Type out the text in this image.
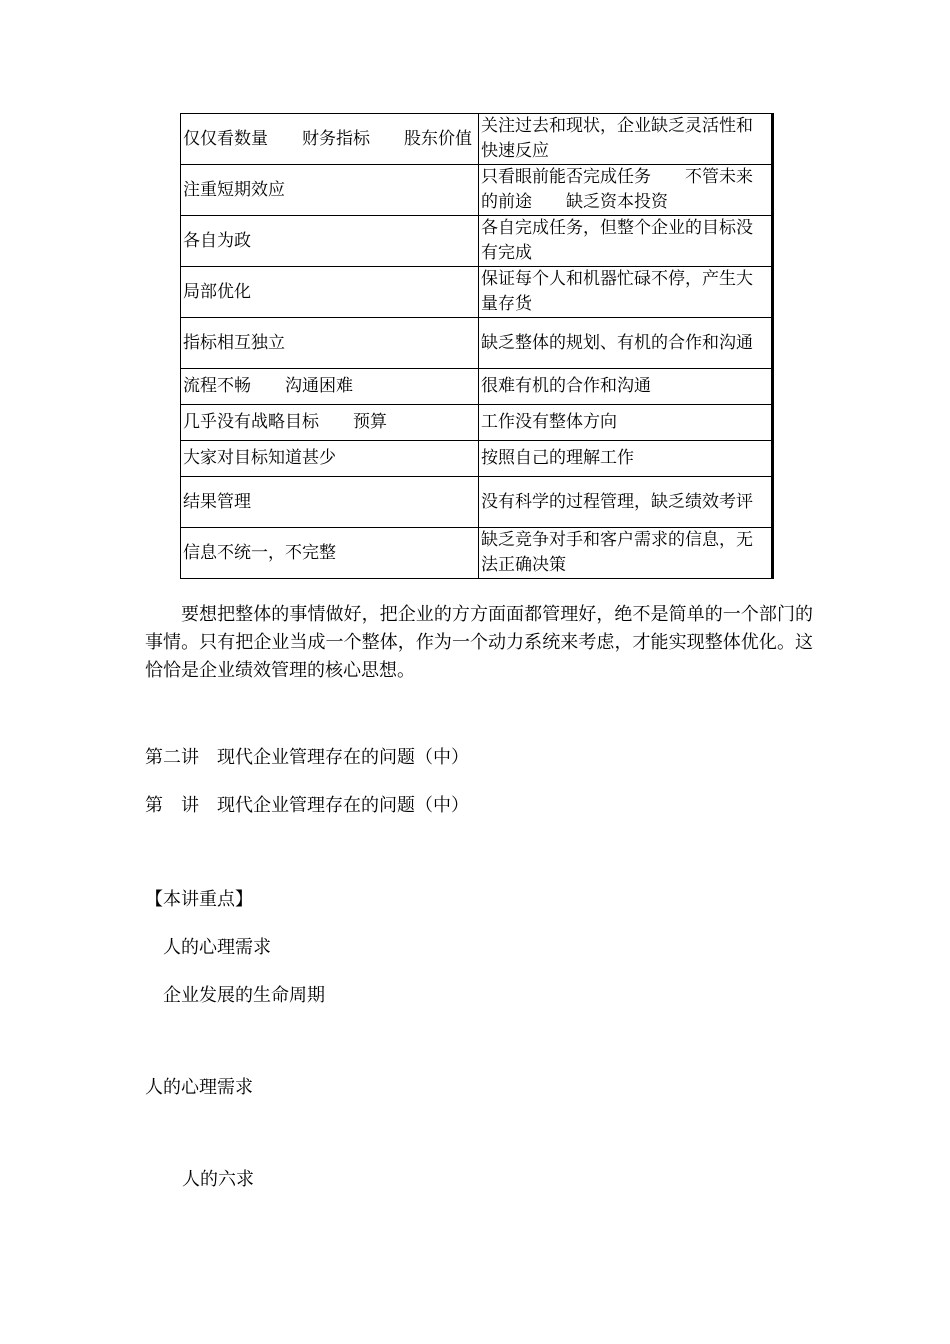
仅仅看数量　　财务指标　　股东价值	关注过去和现状，企业缺乏灵活性和快速反应
注重短期效应	只看眼前能否完成任务　　不管未来的前途　　缺乏资本投资
各自为政	各自完成任务，但整个企业的目标没有完成
局部优化	保证每个人和机器忙碌不停，产生大量存货
指标相互独立	缺乏整体的规划、有机的合作和沟通
流程不畅　　沟通困难	很难有机的合作和沟通
几乎没有战略目标　　预算	工作没有整体方向
大家对目标知道甚少	按照自己的理解工作
结果管理	没有科学的过程管理，缺乏绩效考评
信息不统一，不完整	缺乏竞争对手和客户需求的信息，无法正确决策

要想把整体的事情做好，把企业的方方面面都管理好，绝不是简单的一个部门的事情。只有把企业当成一个整体，作为一个动力系统来考虑，才能实现整体优化。这恰恰是企业绩效管理的核心思想。

第二讲　现代企业管理存在的问题（中）
第　讲　现代企业管理存在的问题（中）
【本讲重点】
人的心理需求
企业发展的生命周期
人的心理需求
人的六求
